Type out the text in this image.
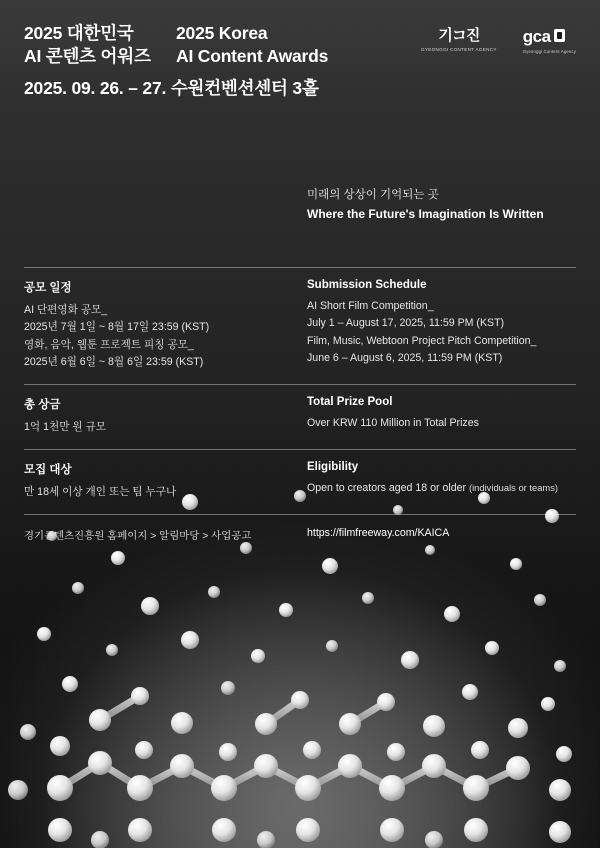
2025 대한민국	2025 Korea
AI 콘텐츠 어워즈	AI Content Awards
2025. 09. 26. – 27. 수원컨벤션센터 3홀
기コ진
GYEONGGI CONTENT AGENCY
gca
Gyeonggi Content Agency
미래의 상상이 기억되는 곳
Where the Future's Imagination Is Written
공모 일정
AI 단편영화 공모_
2025년 7월 1일 ~ 8월 17일 23:59 (KST)
영화, 음악, 웹툰 프로젝트 피칭 공모_
2025년 6월 6일 ~ 8월 6일 23:59 (KST)
Submission Schedule
AI Short Film Competition_
July 1 – August 17, 2025, 11:59 PM (KST)
Film, Music, Webtoon Project Pitch Competition_
June 6 – August 6, 2025, 11:59 PM (KST)
총 상금
1억 1천만 원 규모
Total Prize Pool
Over KRW 110 Million in Total Prizes
모집 대상
만 18세 이상 개인 또는 팀 누구나
Eligibility
Open to creators aged 18 or older (individuals or teams)
경기콘텐츠진흥원 홈페이지 > 알림마당 > 사업공고	https://filmfreeway.com/KAICA
